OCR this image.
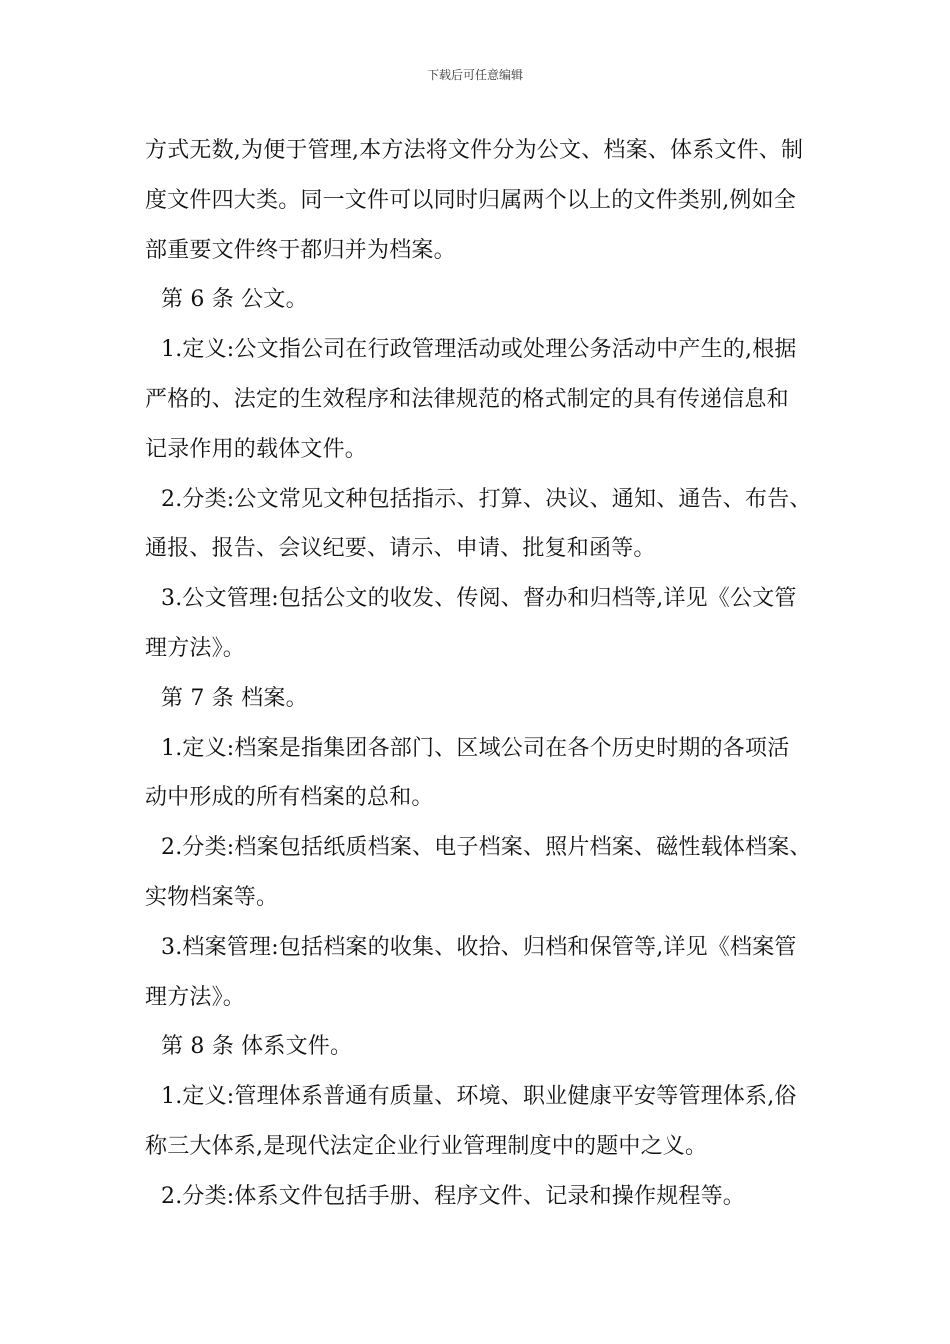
下载后可任意编辑
方式无数,为便于管理,本方法将文件分为公文、档案、体系文件、制
度文件四大类。同一文件可以同时归属两个以上的文件类别,例如全
部重要文件终于都归并为档案。
第 6 条 公文。
1.定义:公文指公司在行政管理活动或处理公务活动中产生的,根据
严格的、法定的生效程序和法律规范的格式制定的具有传递信息和
记录作用的载体文件。
2.分类:公文常见文种包括指示、打算、决议、通知、通告、布告、
通报、报告、会议纪要、请示、申请、批复和函等。
3.公文管理:包括公文的收发、传阅、督办和归档等,详见《公文管
理方法》。
第 7 条 档案。
1.定义:档案是指集团各部门、区域公司在各个历史时期的各项活
动中形成的所有档案的总和。
2.分类:档案包括纸质档案、电子档案、照片档案、磁性载体档案、
实物档案等。
3.档案管理:包括档案的收集、收拾、归档和保管等,详见《档案管
理方法》。
第 8 条 体系文件。
1.定义:管理体系普通有质量、环境、职业健康平安等管理体系,俗
称三大体系,是现代法定企业行业管理制度中的题中之义。
2.分类:体系文件包括手册、程序文件、记录和操作规程等。
